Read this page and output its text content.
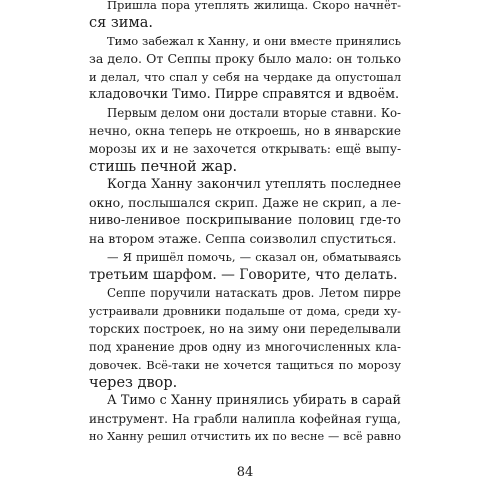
Пришла пора утеплять жилища. Скоро начнёт-
ся зима.
Тимо забежал к Ханну, и они вместе принялись
за дело. От Сеппы проку было мало: он только
и делал, что спал у себя на чердаке да опустошал
кладовочки Тимо. Пирре справятся и вдвоём.
Первым делом они достали вторые ставни. Ко-
нечно, окна теперь не откроешь, но в январские
морозы их и не захочется открывать: ещё выпу-
стишь печной жар.
Когда Ханну закончил утеплять последнее
окно, послышался скрип. Даже не скрип, а ле-
ниво-ленивое поскрипывание половиц где-то
на втором этаже. Сеппа соизволил спуститься.
— Я пришёл помочь, — сказал он, обматываясь
третьим шарфом. — Говорите, что делать.
Сеппе поручили натаскать дров. Летом пирре
устраивали дровники подальше от дома, среди ху-
торских построек, но на зиму они переделывали
под хранение дров одну из многочисленных кла-
довочек. Всё-таки не хочется тащиться по морозу
через двор.
А Тимо с Ханну принялись убирать в сарай
инструмент. На грабли налипла кофейная гуща,
но Ханну решил отчистить их по весне — всё равно
84
